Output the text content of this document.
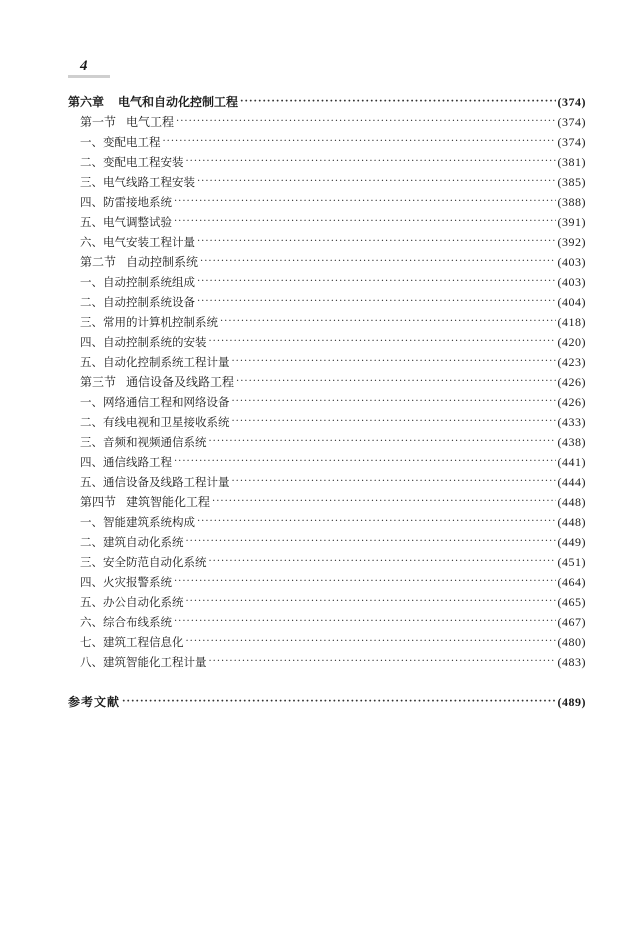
4
第六章 电气和自动化控制工程 ·····	(374)
第一节 电气工程 ·····	(374)
一、变配电工程 ·····	(374)
二、变配电工程安装 ·····	(381)
三、电气线路工程安装 ·····	(385)
四、防雷接地系统 ·····	(388)
五、电气调整试验 ·····	(391)
六、电气安装工程计量 ·····	(392)
第二节 自动控制系统 ·····	(403)
一、自动控制系统组成 ·····	(403)
二、自动控制系统设备 ·····	(404)
三、常用的计算机控制系统 ·····	(418)
四、自动控制系统的安装 ·····	(420)
五、自动化控制系统工程计量 ·····	(423)
第三节 通信设备及线路工程 ·····	(426)
一、网络通信工程和网络设备 ·····	(426)
二、有线电视和卫星接收系统 ·····	(433)
三、音频和视频通信系统 ·····	(438)
四、通信线路工程 ·····	(441)
五、通信设备及线路工程计量 ·····	(444)
第四节 建筑智能化工程 ·····	(448)
一、智能建筑系统构成 ·····	(448)
二、建筑自动化系统 ·····	(449)
三、安全防范自动化系统 ·····	(451)
四、火灾报警系统 ·····	(464)
五、办公自动化系统 ·····	(465)
六、综合布线系统 ·····	(467)
七、建筑工程信息化 ·····	(480)
八、建筑智能化工程计量 ·····	(483)
参考文献 ·····	(489)
